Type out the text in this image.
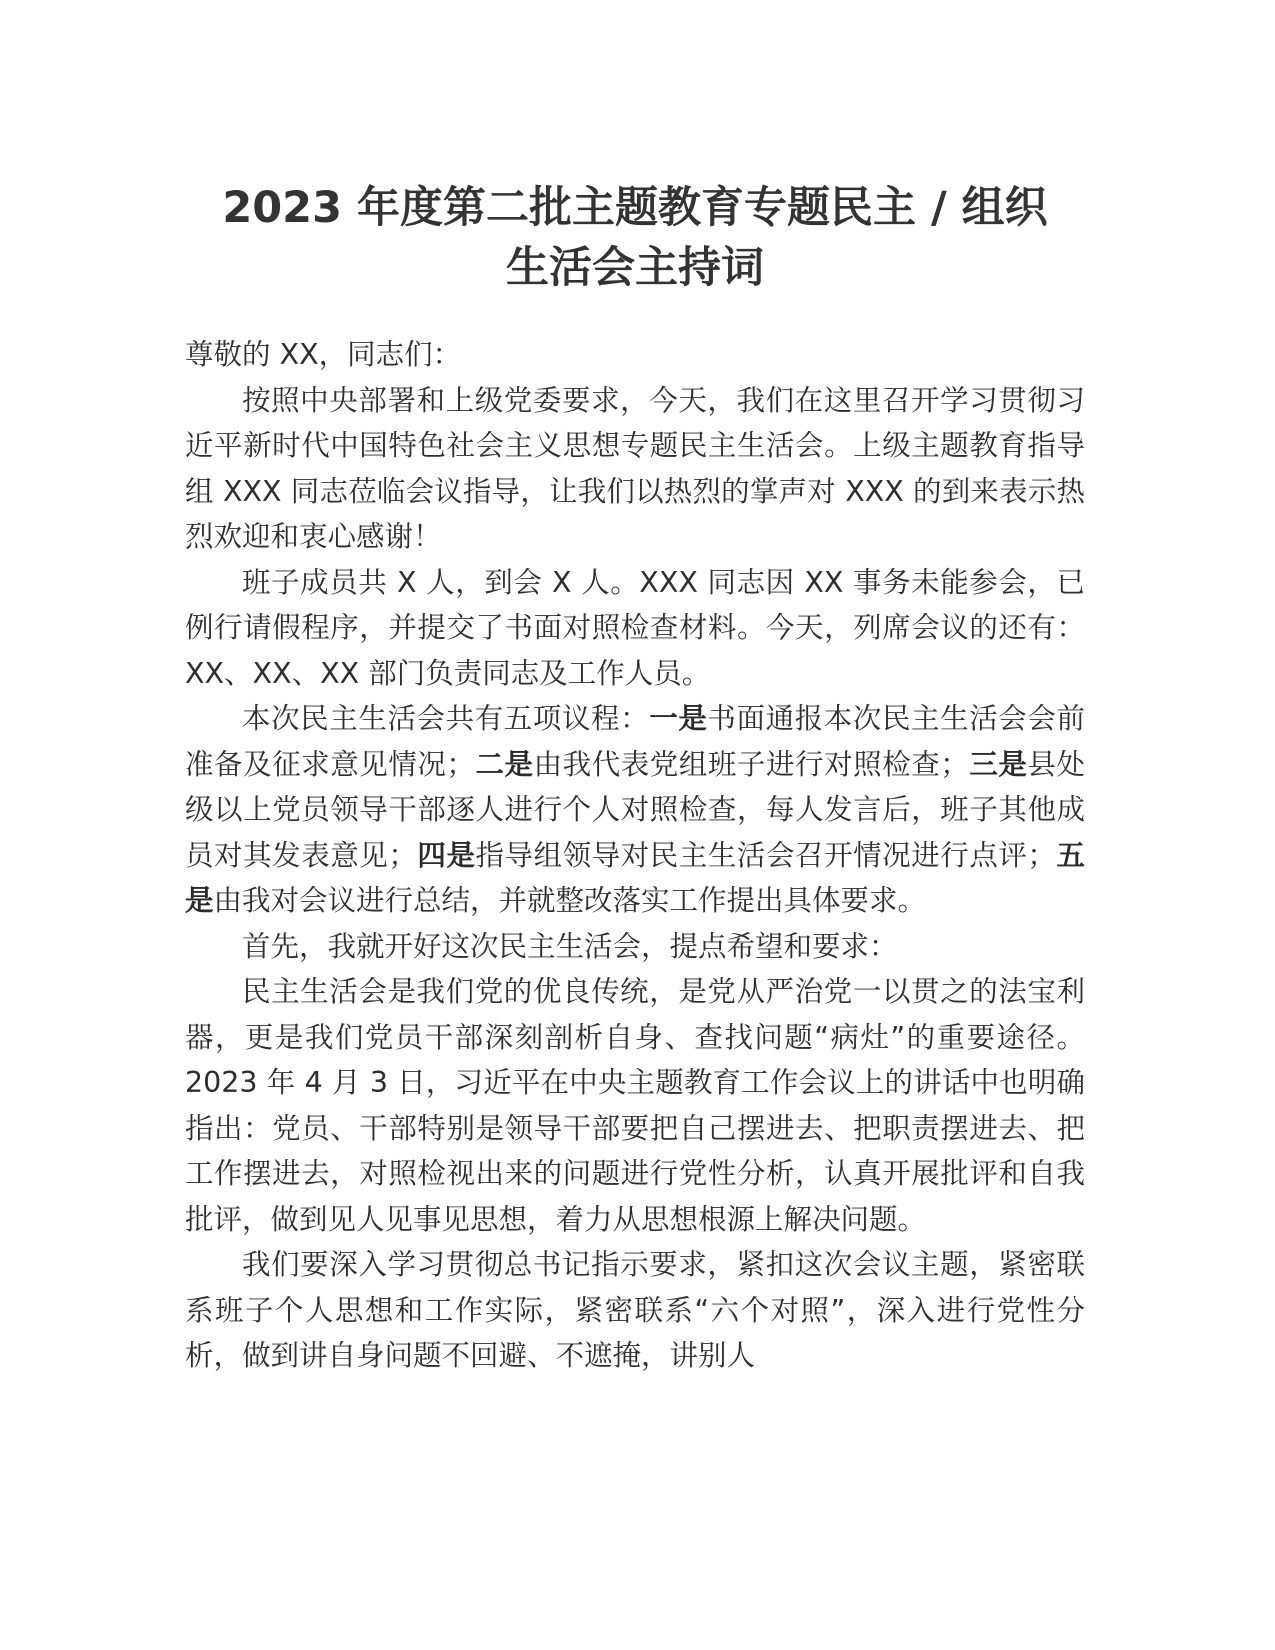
2023 年度第二批主题教育专题民主 / 组织
生活会主持词

尊敬的 XX，同志们：

按照中央部署和上级党委要求，今天，我们在这里召开学习贯彻习近平新时代中国特色社会主义思想专题民主生活会。上级主题教育指导组 XXX 同志莅临会议指导，让我们以热烈的掌声对 XXX 的到来表示热烈欢迎和衷心感谢！

班子成员共 X 人，到会 X 人。XXX 同志因 XX 事务未能参会，已例行请假程序，并提交了书面对照检查材料。今天，列席会议的还有：XX、XX、XX 部门负责同志及工作人员。

本次民主生活会共有五项议程：一是书面通报本次民主生活会会前准备及征求意见情况；二是由我代表党组班子进行对照检查；三是县处级以上党员领导干部逐人进行个人对照检查，每人发言后，班子其他成员对其发表意见；四是指导组领导对民主生活会召开情况进行点评；五是由我对会议进行总结，并就整改落实工作提出具体要求。

首先，我就开好这次民主生活会，提点希望和要求：

民主生活会是我们党的优良传统，是党从严治党一以贯之的法宝利器，更是我们党员干部深刻剖析自身、查找问题“病灶”的重要途径。2023 年 4 月 3 日，习近平在中央主题教育工作会议上的讲话中也明确指出：党员、干部特别是领导干部要把自己摆进去、把职责摆进去、把工作摆进去，对照检视出来的问题进行党性分析，认真开展批评和自我批评，做到见人见事见思想，着力从思想根源上解决问题。

我们要深入学习贯彻总书记指示要求，紧扣这次会议主题，紧密联系班子个人思想和工作实际，紧密联系“六个对照”，深入进行党性分析，做到讲自身问题不回避、不遮掩，讲别人
